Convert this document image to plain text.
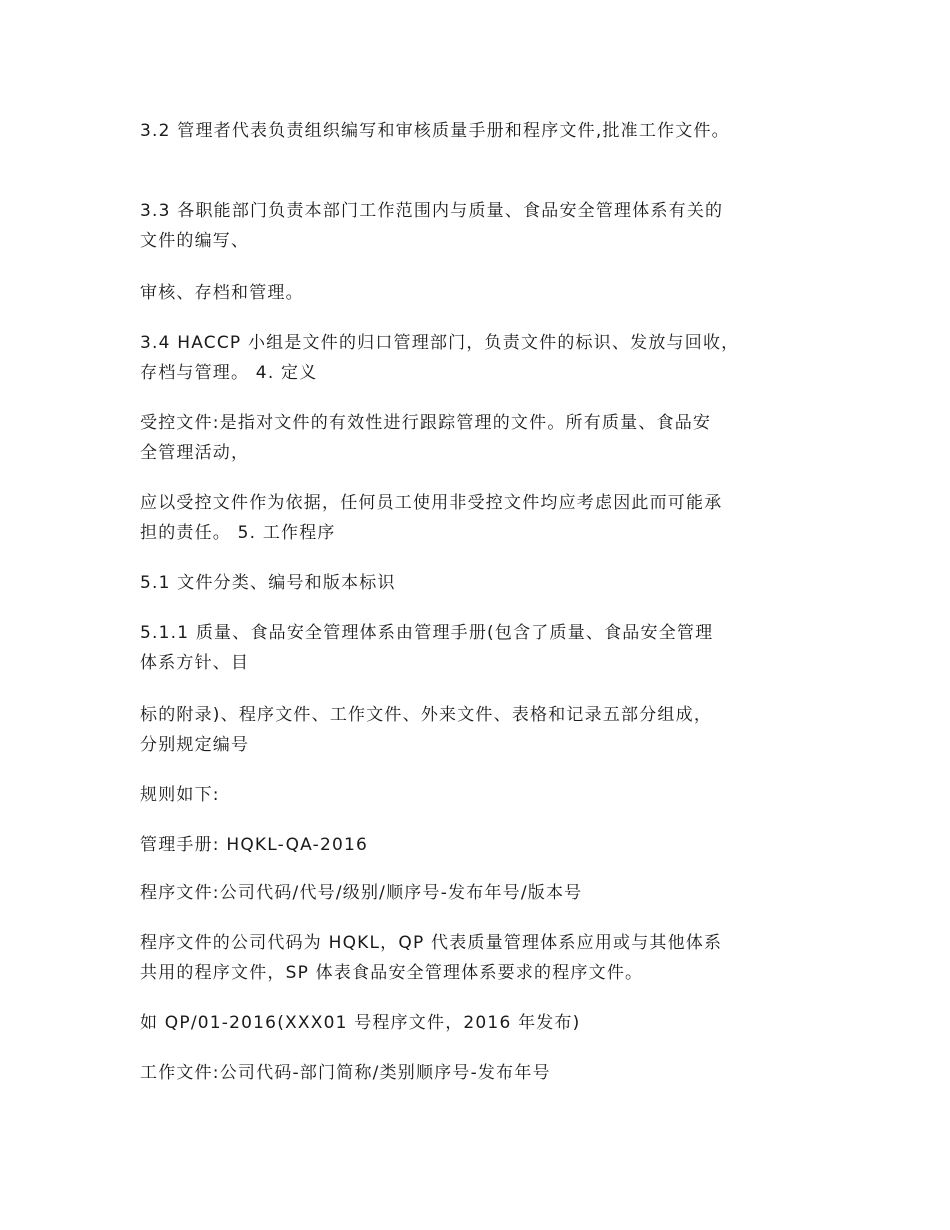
3.2 管理者代表负责组织编写和审核质量手册和程序文件,批准工作文件。

3.3 各职能部门负责本部门工作范围内与质量、食品安全管理体系有关的
文件的编写、

审核、存档和管理。

3.4 HACCP 小组是文件的归口管理部门，负责文件的标识、发放与回收，
存档与管理。 4. 定义

受控文件:是指对文件的有效性进行跟踪管理的文件。所有质量、食品安
全管理活动，

应以受控文件作为依据，任何员工使用非受控文件均应考虑因此而可能承
担的责任。 5. 工作程序

5.1 文件分类、编号和版本标识

5.1.1 质量、食品安全管理体系由管理手册(包含了质量、食品安全管理
体系方针、目

标的附录)、程序文件、工作文件、外来文件、表格和记录五部分组成，
分别规定编号

规则如下:

管理手册: HQKL-QA-2016

程序文件:公司代码/代号/级别/顺序号-发布年号/版本号

程序文件的公司代码为 HQKL，QP 代表质量管理体系应用或与其他体系
共用的程序文件，SP 体表食品安全管理体系要求的程序文件。

如 QP/01-2016(XXX01 号程序文件，2016 年发布)

工作文件:公司代码-部门简称/类别顺序号-发布年号
